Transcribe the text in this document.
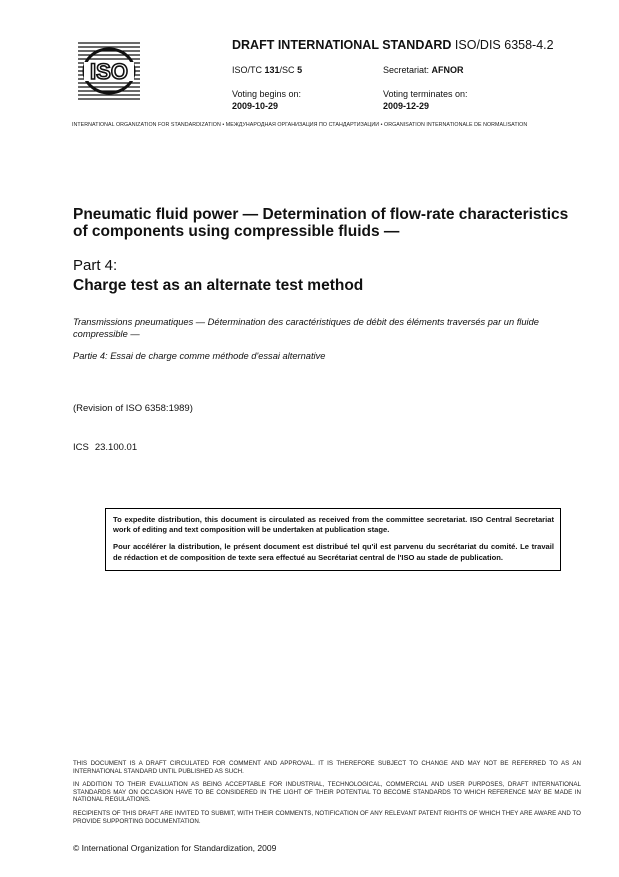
ISO
DRAFT INTERNATIONAL STANDARD ISO/DIS 6358-4.2
ISO/TC 131/SC 5	Secretariat: AFNOR
Voting begins on:
2009-10-29
Voting terminates on:
2009-12-29
INTERNATIONAL ORGANIZATION FOR STANDARDIZATION • МЕЖДУНАРОДНАЯ ОРГАНИЗАЦИЯ ПО СТАНДАРТИЗАЦИИ • ORGANISATION INTERNATIONALE DE NORMALISATION
Pneumatic fluid power — Determination of flow-rate characteristics of components using compressible fluids —
Part 4:
Charge test as an alternate test method
Transmissions pneumatiques — Détermination des caractéristiques de débit des éléments traversés par un fluide compressible —
Partie 4: Essai de charge comme méthode d'essai alternative
(Revision of ISO 6358:1989)
ICS 23.100.01

To expedite distribution, this document is circulated as received from the committee secretariat. ISO Central Secretariat work of editing and text composition will be undertaken at publication stage.

Pour accélérer la distribution, le présent document est distribué tel qu'il est parvenu du secrétariat du comité. Le travail de rédaction et de composition de texte sera effectué au Secrétariat central de l'ISO au stade de publication.

THIS DOCUMENT IS A DRAFT CIRCULATED FOR COMMENT AND APPROVAL. IT IS THEREFORE SUBJECT TO CHANGE AND MAY NOT BE REFERRED TO AS AN INTERNATIONAL STANDARD UNTIL PUBLISHED AS SUCH.
IN ADDITION TO THEIR EVALUATION AS BEING ACCEPTABLE FOR INDUSTRIAL, TECHNOLOGICAL, COMMERCIAL AND USER PURPOSES, DRAFT INTERNATIONAL STANDARDS MAY ON OCCASION HAVE TO BE CONSIDERED IN THE LIGHT OF THEIR POTENTIAL TO BECOME STANDARDS TO WHICH REFERENCE MAY BE MADE IN NATIONAL REGULATIONS.
RECIPIENTS OF THIS DRAFT ARE INVITED TO SUBMIT, WITH THEIR COMMENTS, NOTIFICATION OF ANY RELEVANT PATENT RIGHTS OF WHICH THEY ARE AWARE AND TO PROVIDE SUPPORTING DOCUMENTATION.
© International Organization for Standardization, 2009
